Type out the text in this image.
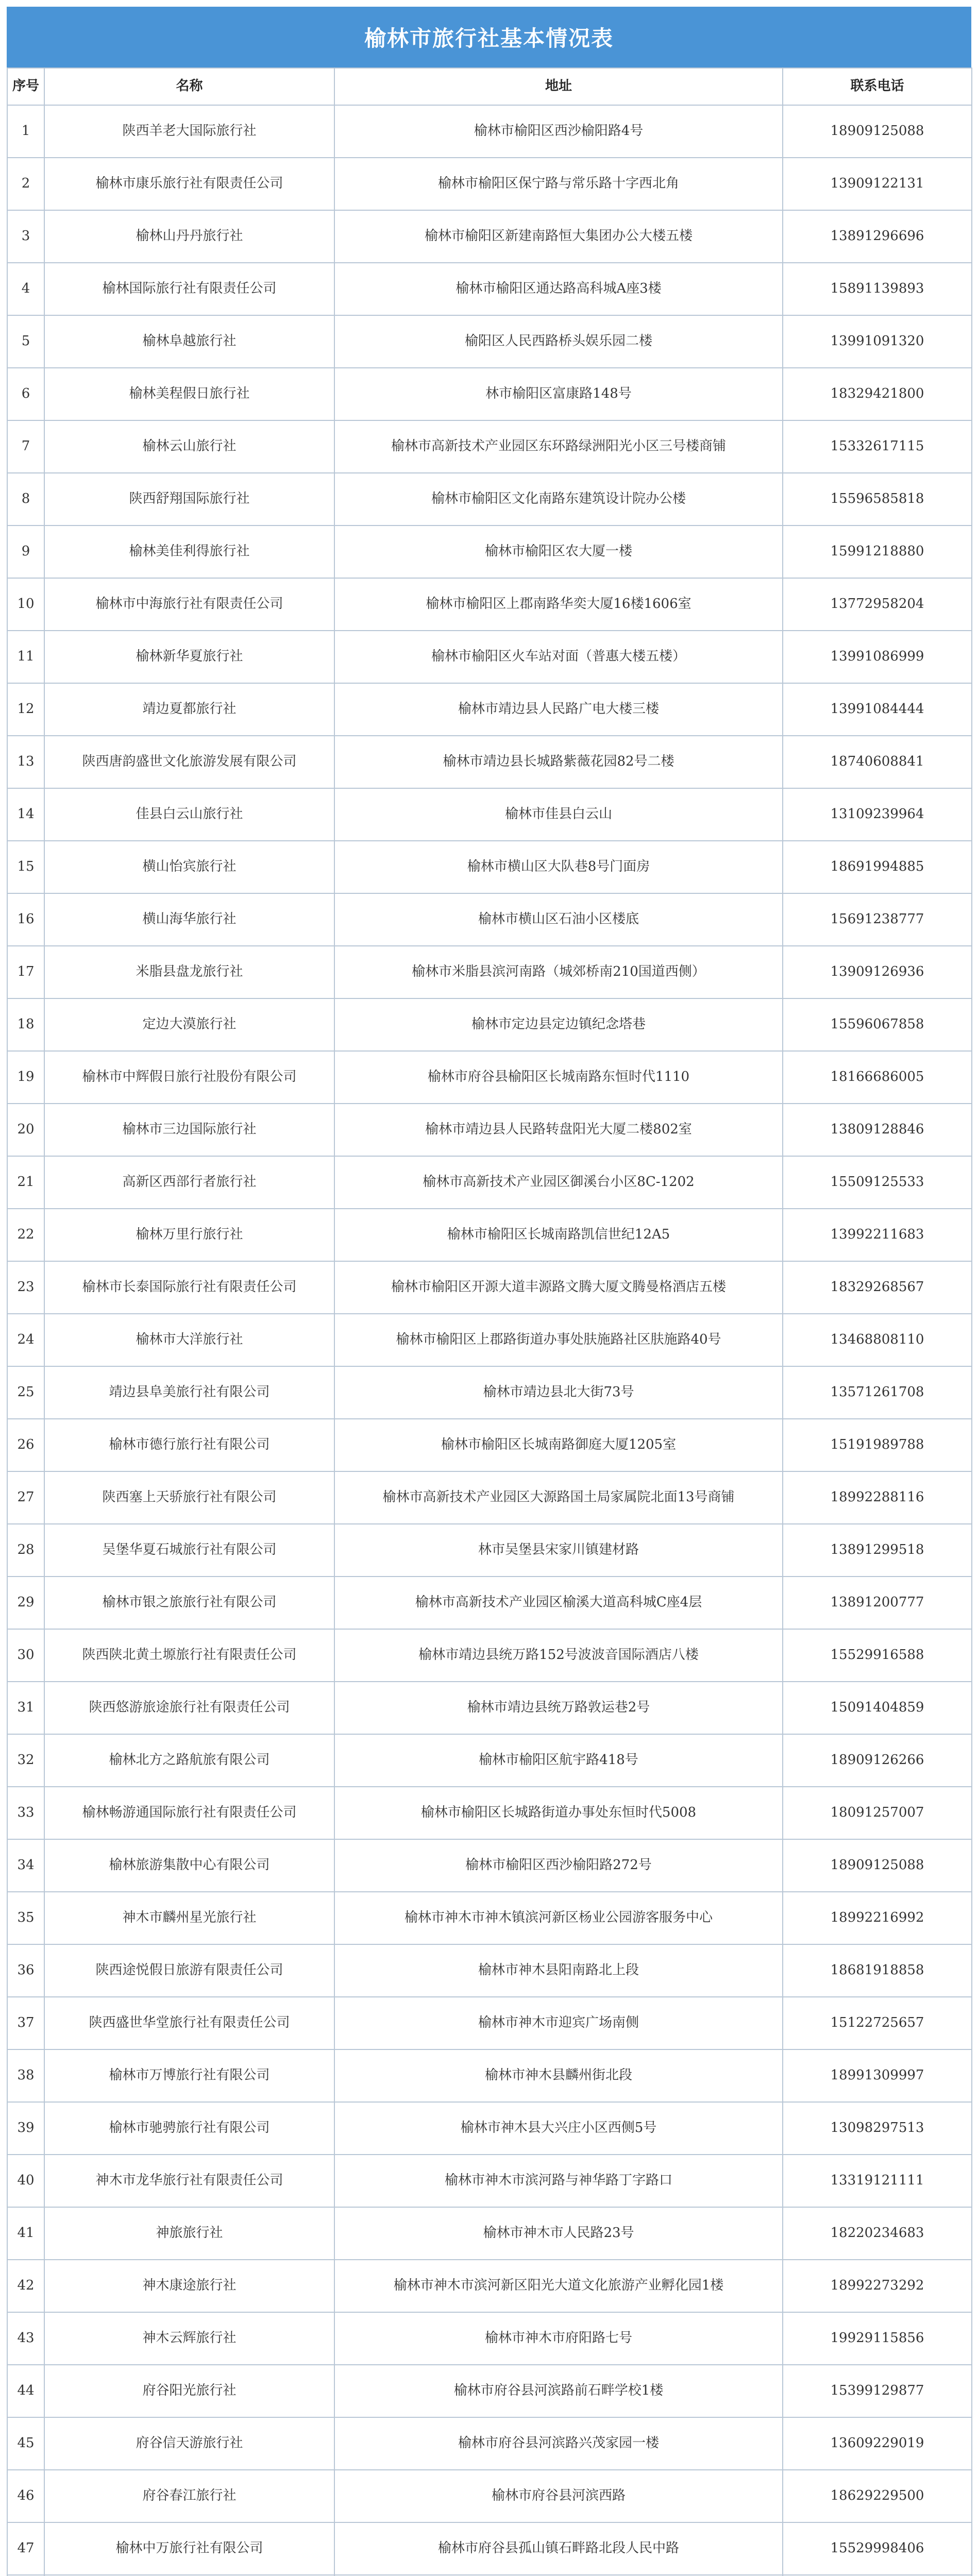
榆林市旅行社基本情况表
序号	名称	地址	联系电话
1	陕西羊老大国际旅行社	榆林市榆阳区西沙榆阳路4号	18909125088
2	榆林市康乐旅行社有限责任公司	榆林市榆阳区保宁路与常乐路十字西北角	13909122131
3	榆林山丹丹旅行社	榆林市榆阳区新建南路恒大集团办公大楼五楼	13891296696
4	榆林国际旅行社有限责任公司	榆林市榆阳区通达路高科城A座3楼	15891139893
5	榆林阜越旅行社	榆阳区人民西路桥头娱乐园二楼	13991091320
6	榆林美程假日旅行社	林市榆阳区富康路148号	18329421800
7	榆林云山旅行社	榆林市高新技术产业园区东环路绿洲阳光小区三号楼商铺	15332617115
8	陕西舒翔国际旅行社	榆林市榆阳区文化南路东建筑设计院办公楼	15596585818
9	榆林美佳利得旅行社	榆林市榆阳区农大厦一楼	15991218880
10	榆林市中海旅行社有限责任公司	榆林市榆阳区上郡南路华奕大厦16楼1606室	13772958204
11	榆林新华夏旅行社	榆林市榆阳区火车站对面（普惠大楼五楼）	13991086999
12	靖边夏都旅行社	榆林市靖边县人民路广电大楼三楼	13991084444
13	陕西唐韵盛世文化旅游发展有限公司	榆林市靖边县长城路紫薇花园82号二楼	18740608841
14	佳县白云山旅行社	榆林市佳县白云山	13109239964
15	横山怡宾旅行社	榆林市横山区大队巷8号门面房	18691994885
16	横山海华旅行社	榆林市横山区石油小区楼底	15691238777
17	米脂县盘龙旅行社	榆林市米脂县滨河南路（城郊桥南210国道西侧）	13909126936
18	定边大漠旅行社	榆林市定边县定边镇纪念塔巷	15596067858
19	榆林市中辉假日旅行社股份有限公司	榆林市府谷县榆阳区长城南路东恒时代1110	18166686005
20	榆林市三边国际旅行社	榆林市靖边县人民路转盘阳光大厦二楼802室	13809128846
21	高新区西部行者旅行社	榆林市高新技术产业园区御溪台小区8C-1202	15509125533
22	榆林万里行旅行社	榆林市榆阳区长城南路凯信世纪12A5	13992211683
23	榆林市长泰国际旅行社有限责任公司	榆林市榆阳区开源大道丰源路文腾大厦文腾曼格酒店五楼	18329268567
24	榆林市大洋旅行社	榆林市榆阳区上郡路街道办事处肤施路社区肤施路40号	13468808110
25	靖边县阜美旅行社有限公司	榆林市靖边县北大街73号	13571261708
26	榆林市德行旅行社有限公司	榆林市榆阳区长城南路御庭大厦1205室	15191989788
27	陕西塞上天骄旅行社有限公司	榆林市高新技术产业园区大源路国土局家属院北面13号商铺	18992288116
28	吴堡华夏石城旅行社有限公司	林市吴堡县宋家川镇建材路	13891299518
29	榆林市银之旅旅行社有限公司	榆林市高新技术产业园区榆溪大道高科城C座4层	13891200777
30	陕西陕北黄土塬旅行社有限责任公司	榆林市靖边县统万路152号波波音国际酒店八楼	15529916588
31	陕西悠游旅途旅行社有限责任公司	榆林市靖边县统万路敦运巷2号	15091404859
32	榆林北方之路航旅有限公司	榆林市榆阳区航宇路418号	18909126266
33	榆林畅游通国际旅行社有限责任公司	榆林市榆阳区长城路街道办事处东恒时代5008	18091257007
34	榆林旅游集散中心有限公司	榆林市榆阳区西沙榆阳路272号	18909125088
35	神木市麟州星光旅行社	榆林市神木市神木镇滨河新区杨业公园游客服务中心	18992216992
36	陕西途悦假日旅游有限责任公司	榆林市神木县阳南路北上段	18681918858
37	陕西盛世华堂旅行社有限责任公司	榆林市神木市迎宾广场南侧	15122725657
38	榆林市万博旅行社有限公司	榆林市神木县麟州街北段	18991309997
39	榆林市驰骋旅行社有限公司	榆林市神木县大兴庄小区西侧5号	13098297513
40	神木市龙华旅行社有限责任公司	榆林市神木市滨河路与神华路丁字路口	13319121111
41	神旅旅行社	榆林市神木市人民路23号	18220234683
42	神木康途旅行社	榆林市神木市滨河新区阳光大道文化旅游产业孵化园1楼	18992273292
43	神木云辉旅行社	榆林市神木市府阳路七号	19929115856
44	府谷阳光旅行社	榆林市府谷县河滨路前石畔学校1楼	15399129877
45	府谷信天游旅行社	榆林市府谷县河滨路兴茂家园一楼	13609229019
46	府谷春江旅行社	榆林市府谷县河滨西路	18629229500
47	榆林中万旅行社有限公司	榆林市府谷县孤山镇石畔路北段人民中路	15529998406
